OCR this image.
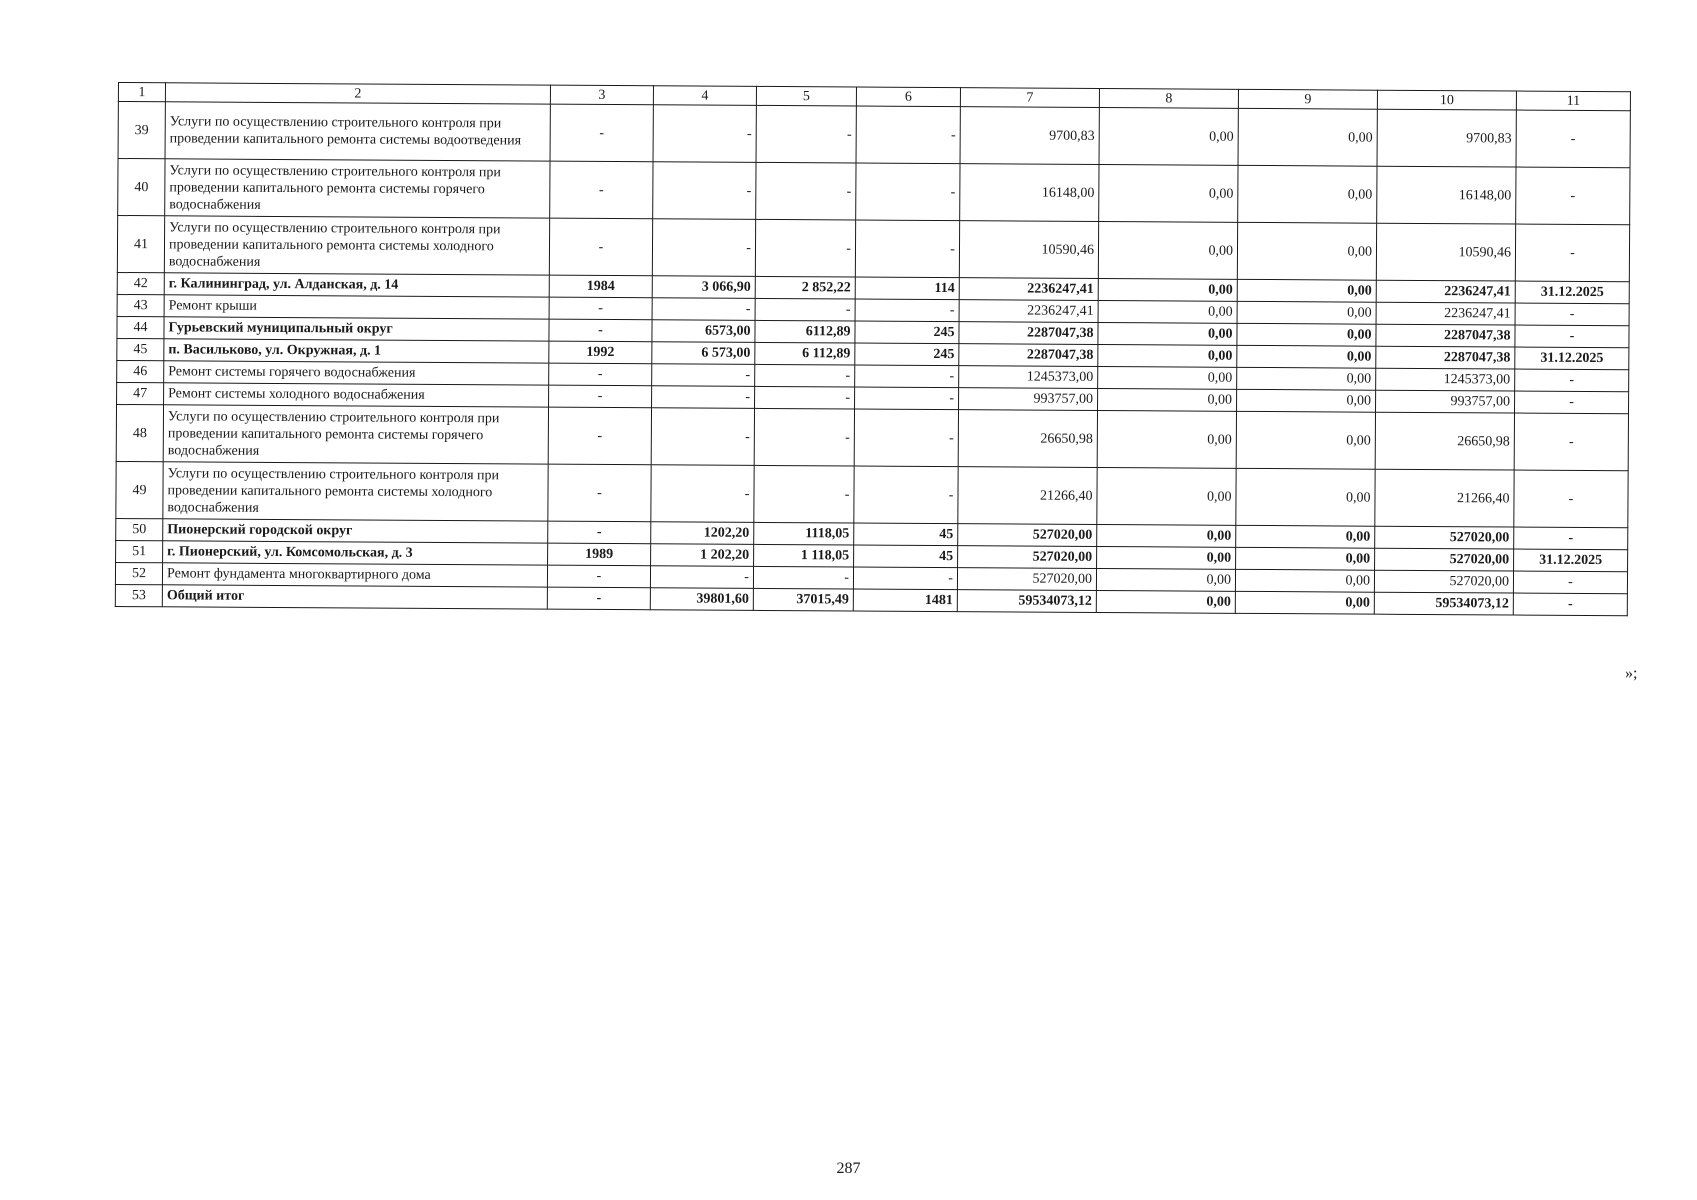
1	2	3	4	5	6	7	8	9	10	11
39	Услуги по осуществлению строительного контроля при проведении капитального ремонта системы водоотведения	-	-	-	-	9700,83	0,00	0,00	9700,83	-
40	Услуги по осуществлению строительного контроля при проведении капитального ремонта системы горячего водоснабжения	-	-	-	-	16148,00	0,00	0,00	16148,00	-
41	Услуги по осуществлению строительного контроля при проведении капитального ремонта системы холодного водоснабжения	-	-	-	-	10590,46	0,00	0,00	10590,46	-
42	г. Калининград, ул. Алданская, д. 14	1984	3 066,90	2 852,22	114	2236247,41	0,00	0,00	2236247,41	31.12.2025
43	Ремонт крыши	-	-	-	-	2236247,41	0,00	0,00	2236247,41	-
44	Гурьевский муниципальный округ	-	6573,00	6112,89	245	2287047,38	0,00	0,00	2287047,38	-
45	п. Васильково, ул. Окружная, д. 1	1992	6 573,00	6 112,89	245	2287047,38	0,00	0,00	2287047,38	31.12.2025
46	Ремонт системы горячего водоснабжения	-	-	-	-	1245373,00	0,00	0,00	1245373,00	-
47	Ремонт системы холодного водоснабжения	-	-	-	-	993757,00	0,00	0,00	993757,00	-
48	Услуги по осуществлению строительного контроля при проведении капитального ремонта системы горячего водоснабжения	-	-	-	-	26650,98	0,00	0,00	26650,98	-
49	Услуги по осуществлению строительного контроля при проведении капитального ремонта системы холодного водоснабжения	-	-	-	-	21266,40	0,00	0,00	21266,40	-
50	Пионерский городской округ	-	1202,20	1118,05	45	527020,00	0,00	0,00	527020,00	-
51	г. Пионерский, ул. Комсомольская, д. 3	1989	1 202,20	1 118,05	45	527020,00	0,00	0,00	527020,00	31.12.2025
52	Ремонт фундамента многоквартирного дома	-	-	-	-	527020,00	0,00	0,00	527020,00	-
53	Общий итог	-	39801,60	37015,49	1481	59534073,12	0,00	0,00	59534073,12	-
»;
287
